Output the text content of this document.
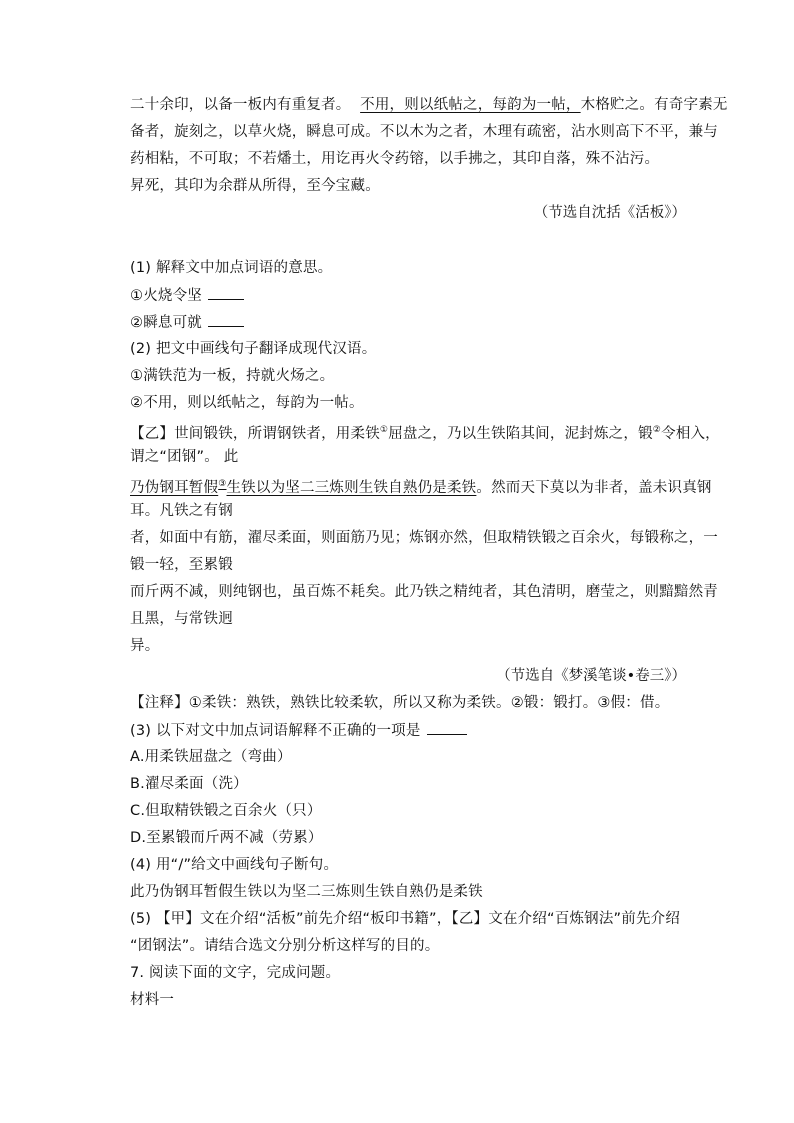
二十余印，以备一板内有重复者。 不用，则以纸帖之，每韵为一帖，木格贮之。有奇字素无
备者，旋刻之，以草火烧，瞬息可成。不以木为之者，木理有疏密，沾水则高下不平，兼与
药相粘，不可取；不若燔土，用讫再火令药镕，以手拂之，其印自落，殊不沾污。
昇死，其印为余群从所得，至今宝藏。
（节选自沈括《活板》）
(1) 解释文中加点词语的意思。
①火烧令坚
②瞬息可就
(2) 把文中画线句子翻译成现代汉语。
①满铁范为一板，持就火炀之。
②不用，则以纸帖之，每韵为一帖。
【乙】世间锻铁，所谓钢铁者，用柔铁①屈盘之，乃以生铁陷其间，泥封炼之，锻②令相入，
谓之“团钢”。 此
乃伪钢耳暂假③生铁以为坚二三炼则生铁自熟仍是柔铁。然而天下莫以为非者，盖未识真钢
耳。凡铁之有钢
者，如面中有筋，濯尽柔面，则面筋乃见；炼钢亦然，但取精铁锻之百余火，每锻称之，一
锻一轻，至累锻
而斤两不减，则纯钢也，虽百炼不耗矣。此乃铁之精纯者，其色清明，磨莹之，则黯黯然青
且黑，与常铁迥
异。
（节选自《梦溪笔谈•卷三》）
【注释】①柔铁：熟铁，熟铁比较柔软，所以又称为柔铁。②锻：锻打。③假：借。
(3) 以下对文中加点词语解释不正确的一项是
A.用柔铁屈盘之（弯曲）
B.濯尽柔面（洗）
C.但取精铁锻之百余火（只）
D.至累锻而斤两不减（劳累）
(4) 用“/”给文中画线句子断句。
此乃伪钢耳暂假生铁以为坚二三炼则生铁自熟仍是柔铁
(5) 【甲】文在介绍“活板”前先介绍“板印书籍”，【乙】文在介绍“百炼钢法”前先介绍
“团钢法”。请结合选文分别分析这样写的目的。
7. 阅读下面的文字，完成问题。
材料一
